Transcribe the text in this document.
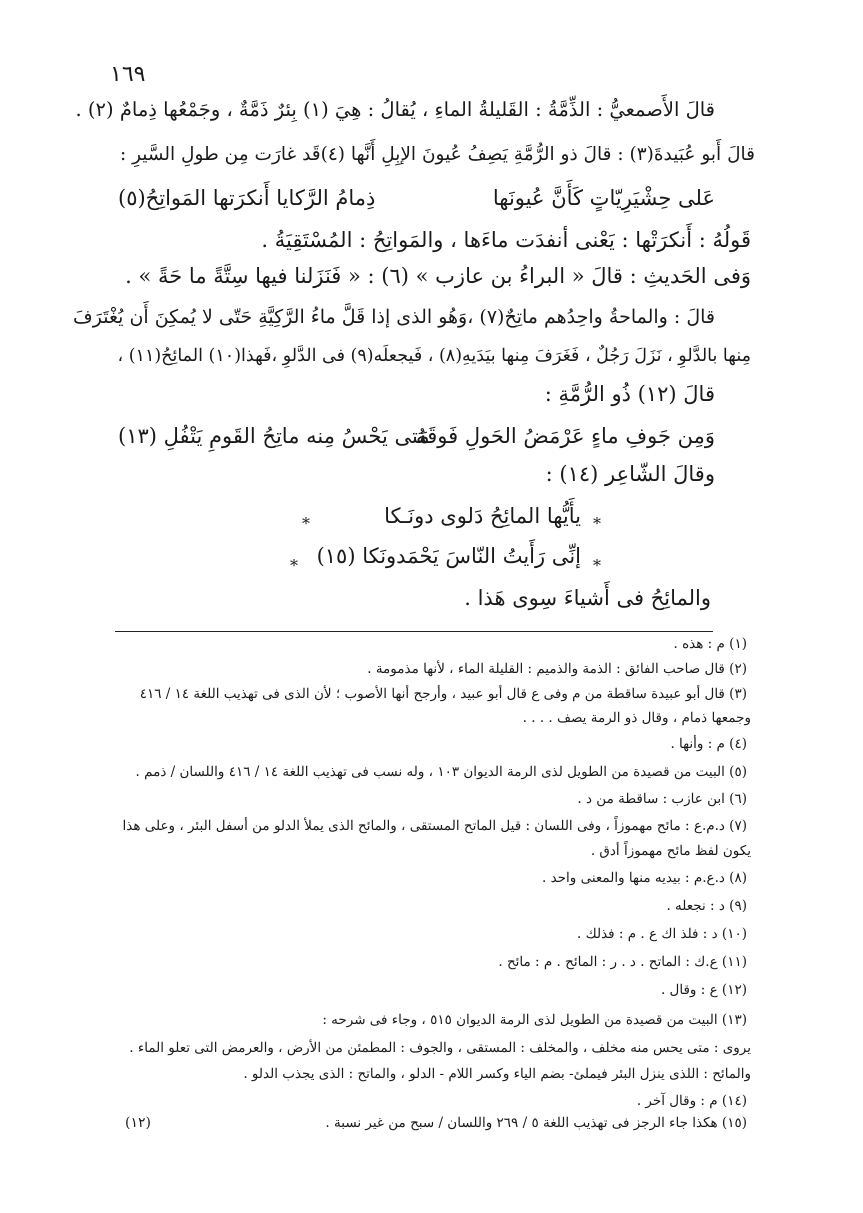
١٦٩
قالَ الأَصمعيُّ : الذِّمَّةُ : القَليلةُ الماءِ ، يُقالُ : هِيَ (١) بِئرٌ ذَمَّةٌ ، وجَمْعُها ذِمامٌ (٢) .
قالَ أَبو عُبَيدةَ(٣) : قالَ ذو الرُّمَّةِ يَصِفُ عُيونَ الإبِلِ أَنَّها (٤)قَد غارَت مِن طولِ السَّيرِ :
عَلى حِشْيَرِيّاتٍ كَأَنَّ عُيونَها
ذِمامُ الرَّكايا أَنكرَتها المَواتِحُ(٥)
قَولُهُ : أَنكرَتْها : يَعْنى أنفدَت ماءَها ، والمَواتِحُ : المُسْتَقِيَةُ .
وَفى الحَديثِ : قالَ « البراءُ بن عازب » (٦) : « فَنَزَلنا فيها سِتَّةً ما حَةً » .
قالَ : والماحةُ واحِدُهم ماتِحٌ(٧) ،وَهُو الذى إذا قَلَّ ماءُ الرَّكِيَّةِ حَتّى لا يُمكِنَ أَن يُغْتَرَفَ
مِنها بالدَّلوِ ، نَزَلَ رَجُلٌ ، فَغَرَفَ مِنها بيَدَيهِ(٨) ، فَيجعلَه(٩) فى الدَّلوِ ،فَهذا(١٠) المائِحُ(١١) ،
قالَ (١٢) ذُو الرُّمَّةِ :
وَمِن جَوفِ ماءٍ عَرْمَضُ الحَولِ فَوقَهُ
مَتى يَحْسُ مِنه ماتِحُ القَومِ يَتْفُلِ (١٣)
وقالَ الشّاعِر (١٤) :
*
يأَيُّها المائِحُ دَلوى دونَـكا
*
*
إنِّى رَأَيتُ النّاسَ يَحْمَدونَكا (١٥)
*
والمائِحُ فى أَشياءَ سِوى هَذا .
(١) م : هذه .
(٢) قال صاحب الفائق : الذمة والذميم : القليلة الماء ، لأنها مذمومة .
(٣) قال أبو عبيدة ساقطة من م وفى ع قال أبو عبيد ، وأرجح أنها الأصوب ؛ لأن الذى فى تهذيب اللغة ١٤ / ٤١٦
وجمعها ذمام ، وقال ذو الرمة يصف . . . .
(٤) م : وأنها .
(٥) البيت من قصيدة من الطويل لذى الرمة الديوان ١٠٣ ، وله نسب فى تهذيب اللغة ١٤ / ٤١٦ واللسان / ذمم .
(٦) ابن عازب : ساقطة من د .
(٧) د.م.ع : مائح مهموزاً ، وفى اللسان : قيل الماتح المستقى ، والمائح الذى يملأ الدلو من أسفل البئر ، وعلى هذا
يكون لفظ مائح مهموزاً أدق .
(٨) د.ع.م : بيديه منها والمعنى واحد .
(٩) د : نجعله .
(١٠) د : فلذ اك ع . م : فذلك .
(١١) ع.ك : الماتح . د . ر : المائح . م : مائح .
(١٢) ع : وقال .
(١٣) البيت من قصيدة من الطويل لذى الرمة الديوان ٥١٥ ، وجاء فى شرحه :
يروى : متى يحس منه مخلف ، والمخلف : المستقى ، والجوف : المطمئن من الأرض ، والعرمض التى تعلو الماء .
والمائح : اللذى ينزل البئر فيملئ- بضم الياء وكسر اللام - الدلو ، والماتح : الذى يجذب الدلو .
(١٤) م : وقال آخر .
(١٥) هكذا جاء الرجز فى تهذيب اللغة ٥ / ٢٦٩ واللسان / سبح من غير نسبة .
(١٢)
